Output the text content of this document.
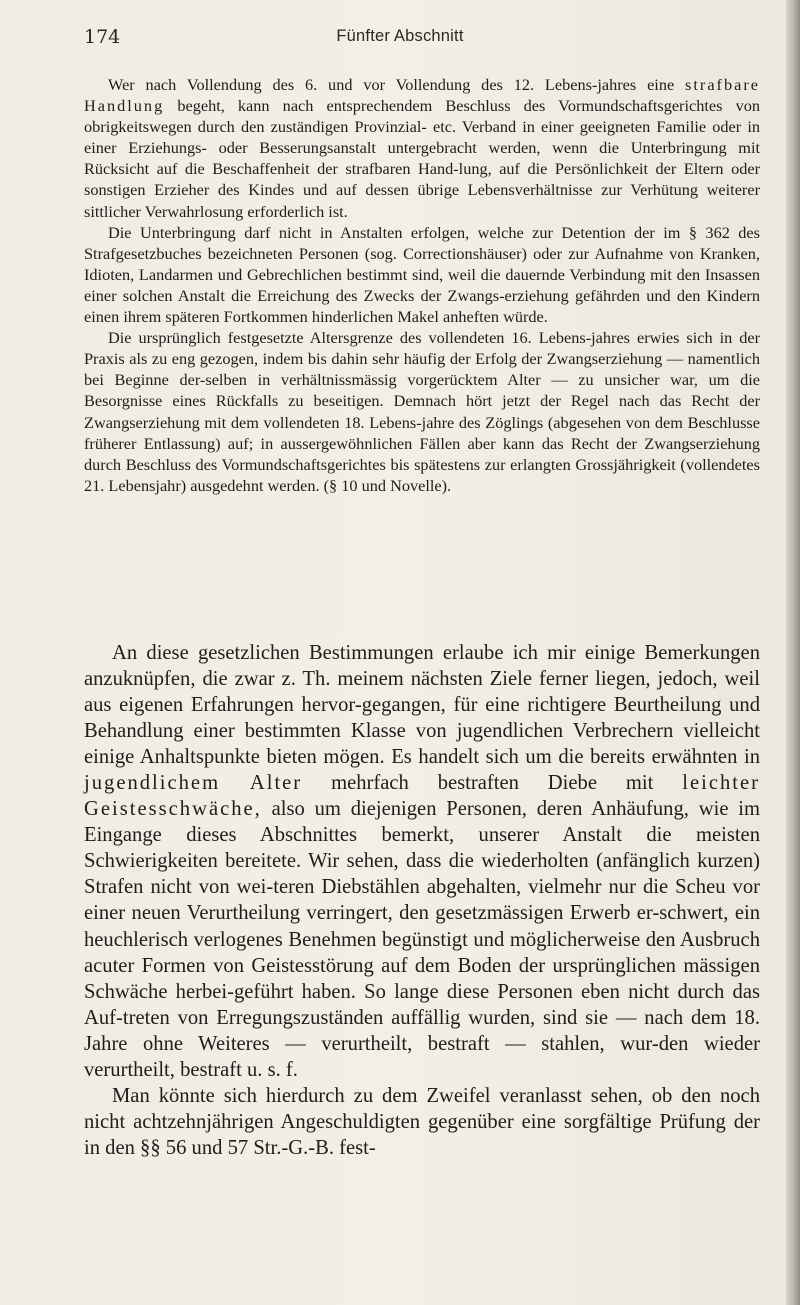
174	Fünfter Abschnitt

Wer nach Vollendung des 6. und vor Vollendung des 12. Lebens-jahres eine strafbare Handlung begeht, kann nach entsprechendem Beschluss des Vormundschaftsgerichtes von obrigkeitswegen durch den zuständigen Provinzial- etc. Verband in einer geeigneten Familie oder in einer Erziehungs- oder Besserungsanstalt untergebracht werden, wenn die Unterbringung mit Rücksicht auf die Beschaffenheit der strafbaren Hand-lung, auf die Persönlichkeit der Eltern oder sonstigen Erzieher des Kindes und auf dessen übrige Lebensverhältnisse zur Verhütung weiterer sittlicher Verwahrlosung erforderlich ist.

Die Unterbringung darf nicht in Anstalten erfolgen, welche zur Detention der im § 362 des Strafgesetzbuches bezeichneten Personen (sog. Correctionshäuser) oder zur Aufnahme von Kranken, Idioten, Landarmen und Gebrechlichen bestimmt sind, weil die dauernde Verbindung mit den Insassen einer solchen Anstalt die Erreichung des Zwecks der Zwangs-erziehung gefährden und den Kindern einen ihrem späteren Fortkommen hinderlichen Makel anheften würde.

Die ursprünglich festgesetzte Altersgrenze des vollendeten 16. Lebens-jahres erwies sich in der Praxis als zu eng gezogen, indem bis dahin sehr häufig der Erfolg der Zwangserziehung — namentlich bei Beginne der-selben in verhältnissmässig vorgerücktem Alter — zu unsicher war, um die Besorgnisse eines Rückfalls zu beseitigen. Demnach hört jetzt der Regel nach das Recht der Zwangserziehung mit dem vollendeten 18. Lebens-jahre des Zöglings (abgesehen von dem Beschlusse früherer Entlassung) auf; in aussergewöhnlichen Fällen aber kann das Recht der Zwangserziehung durch Beschluss des Vormundschaftsgerichtes bis spätestens zur erlangten Grossjährigkeit (vollendetes 21. Lebensjahr) ausgedehnt werden. (§ 10 und Novelle).

An diese gesetzlichen Bestimmungen erlaube ich mir einige Bemerkungen anzuknüpfen, die zwar z. Th. meinem nächsten Ziele ferner liegen, jedoch, weil aus eigenen Erfahrungen hervor-gegangen, für eine richtigere Beurtheilung und Behandlung einer bestimmten Klasse von jugendlichen Verbrechern vielleicht einige Anhaltspunkte bieten mögen. Es handelt sich um die bereits erwähnten in jugendlichem Alter mehrfach bestraften Diebe mit leichter Geistesschwäche, also um diejenigen Personen, deren Anhäufung, wie im Eingange dieses Abschnittes bemerkt, unserer Anstalt die meisten Schwierigkeiten bereitete. Wir sehen, dass die wiederholten (anfänglich kurzen) Strafen nicht von wei-teren Diebstählen abgehalten, vielmehr nur die Scheu vor einer neuen Verurtheilung verringert, den gesetzmässigen Erwerb er-schwert, ein heuchlerisch verlogenes Benehmen begünstigt und möglicherweise den Ausbruch acuter Formen von Geistesstörung auf dem Boden der ursprünglichen mässigen Schwäche herbei-geführt haben. So lange diese Personen eben nicht durch das Auf-treten von Erregungszuständen auffällig wurden, sind sie — nach dem 18. Jahre ohne Weiteres — verurtheilt, bestraft — stahlen, wur-den wieder verurtheilt, bestraft u. s. f.

Man könnte sich hierdurch zu dem Zweifel veranlasst sehen, ob den noch nicht achtzehnjährigen Angeschuldigten gegenüber eine sorgfältige Prüfung der in den §§ 56 und 57 Str.-G.-B. fest-
